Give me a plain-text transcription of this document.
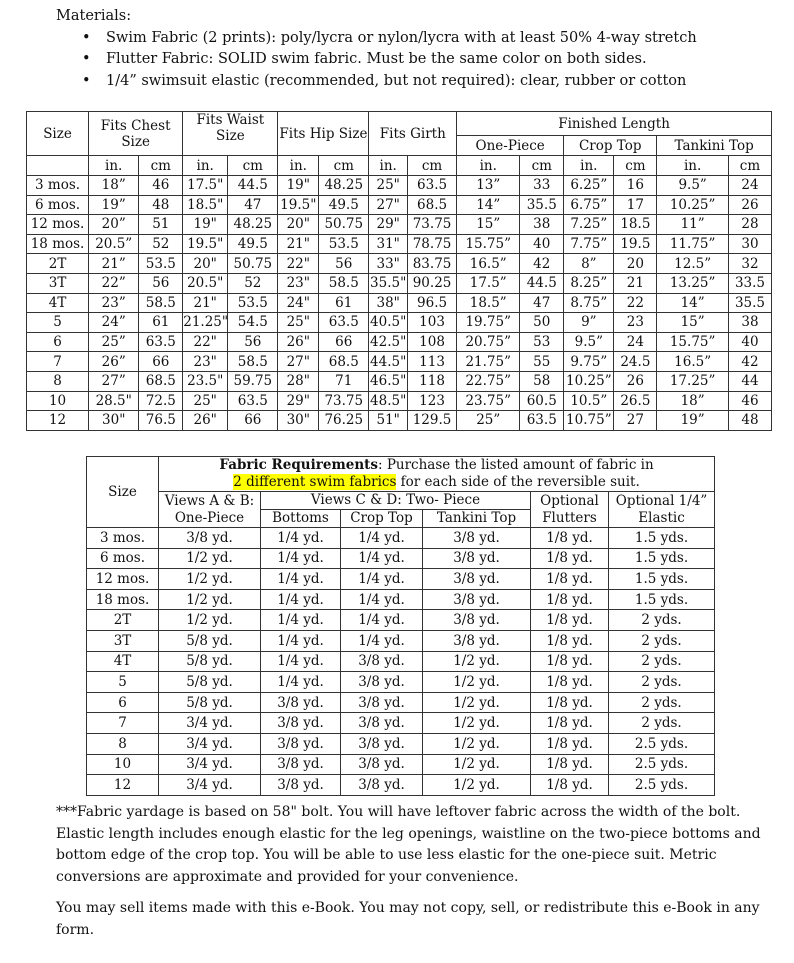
Materials:
• Swim Fabric (2 prints): poly/lycra or nylon/lycra with at least 50% 4-way stretch
• Flutter Fabric: SOLID swim fabric. Must be the same color on both sides.
• 1/4” swimsuit elastic (recommended, but not required): clear, rubber or cotton
Size	Fits Chest Size		Fits Waist Size		Fits Hip Size		Fits Girth		Finished Length					
									One-Piece		Crop Top		Tankini Top	
	in.	cm	in.	cm	in.	cm	in.	cm	in.	cm	in.	cm	in.	cm
3 mos.	18”	46	17.5"	44.5	19"	48.25	25"	63.5	13”	33	6.25”	16	9.5”	24
6 mos.	19”	48	18.5"	47	19.5"	49.5	27"	68.5	14”	35.5	6.75”	17	10.25”	26
12 mos.	20”	51	19"	48.25	20"	50.75	29"	73.75	15”	38	7.25”	18.5	11”	28
18 mos.	20.5”	52	19.5"	49.5	21"	53.5	31"	78.75	15.75”	40	7.75”	19.5	11.75”	30
2T	21”	53.5	20"	50.75	22"	56	33"	83.75	16.5”	42	8”	20	12.5”	32
3T	22”	56	20.5"	52	23"	58.5	35.5"	90.25	17.5”	44.5	8.25”	21	13.25”	33.5
4T	23”	58.5	21"	53.5	24"	61	38"	96.5	18.5”	47	8.75”	22	14”	35.5
5	24”	61	21.25"	54.5	25"	63.5	40.5"	103	19.75”	50	9”	23	15”	38
6	25”	63.5	22"	56	26"	66	42.5"	108	20.75”	53	9.5”	24	15.75”	40
7	26”	66	23"	58.5	27"	68.5	44.5"	113	21.75”	55	9.75”	24.5	16.5”	42
8	27”	68.5	23.5"	59.75	28"	71	46.5"	118	22.75”	58	10.25”	26	17.25”	44
10	28.5"	72.5	25"	63.5	29"	73.75	48.5"	123	23.75”	60.5	10.5”	26.5	18”	46
12	30"	76.5	26"	66	30"	76.25	51"	129.5	25”	63.5	10.75”	27	19”	48
Size	Fabric Requirements: Purchase the listed amount of fabric in
2 different swim fabrics for each side of the reversible suit.					
	Views A & B: One-Piece	Views C & D: Two- Piece			Optional Flutters	Optional 1/4” Elastic
		Bottoms	Crop Top	Tankini Top		
3 mos.	3/8 yd.	1/4 yd.	1/4 yd.	3/8 yd.	1/8 yd.	1.5 yds.
6 mos.	1/2 yd.	1/4 yd.	1/4 yd.	3/8 yd.	1/8 yd.	1.5 yds.
12 mos.	1/2 yd.	1/4 yd.	1/4 yd.	3/8 yd.	1/8 yd.	1.5 yds.
18 mos.	1/2 yd.	1/4 yd.	1/4 yd.	3/8 yd.	1/8 yd.	1.5 yds.
2T	1/2 yd.	1/4 yd.	1/4 yd.	3/8 yd.	1/8 yd.	2 yds.
3T	5/8 yd.	1/4 yd.	1/4 yd.	3/8 yd.	1/8 yd.	2 yds.
4T	5/8 yd.	1/4 yd.	3/8 yd.	1/2 yd.	1/8 yd.	2 yds.
5	5/8 yd.	1/4 yd.	3/8 yd.	1/2 yd.	1/8 yd.	2 yds.
6	5/8 yd.	3/8 yd.	3/8 yd.	1/2 yd.	1/8 yd.	2 yds.
7	3/4 yd.	3/8 yd.	3/8 yd.	1/2 yd.	1/8 yd.	2 yds.
8	3/4 yd.	3/8 yd.	3/8 yd.	1/2 yd.	1/8 yd.	2.5 yds.
10	3/4 yd.	3/8 yd.	3/8 yd.	1/2 yd.	1/8 yd.	2.5 yds.
12	3/4 yd.	3/8 yd.	3/8 yd.	1/2 yd.	1/8 yd.	2.5 yds.
***Fabric yardage is based on 58" bolt. You will have leftover fabric across the width of the bolt. Elastic length includes enough elastic for the leg openings, waistline on the two-piece bottoms and bottom edge of the crop top. You will be able to use less elastic for the one-piece suit. Metric conversions are approximate and provided for your convenience.
You may sell items made with this e-Book. You may not copy, sell, or redistribute this e-Book in any form.
